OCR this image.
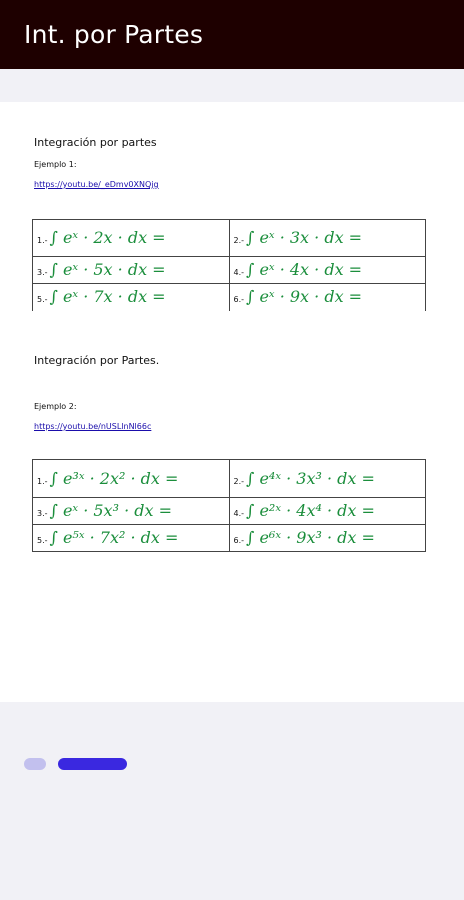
Int. por Partes
Integración por partes
Ejemplo 1:
https://youtu.be/_eDmv0XNQjg
1.- ∫ eˣ · 2x · dx =	2.- ∫ eˣ · 3x · dx =
3.- ∫ eˣ · 5x · dx =	4.- ∫ eˣ · 4x · dx =
5.- ∫ eˣ · 7x · dx =	6.- ∫ eˣ · 9x · dx =
Integración por Partes.
Ejemplo 2:
https://youtu.be/nUSLlnNl66c
1.- ∫ e³ˣ · 2x² · dx =	2.- ∫ e⁴ˣ · 3x³ · dx =
3.- ∫ eˣ · 5x³ · dx =	4.- ∫ e²ˣ · 4x⁴ · dx =
5.- ∫ e⁵ˣ · 7x² · dx =	6.- ∫ e⁶ˣ · 9x³ · dx =
